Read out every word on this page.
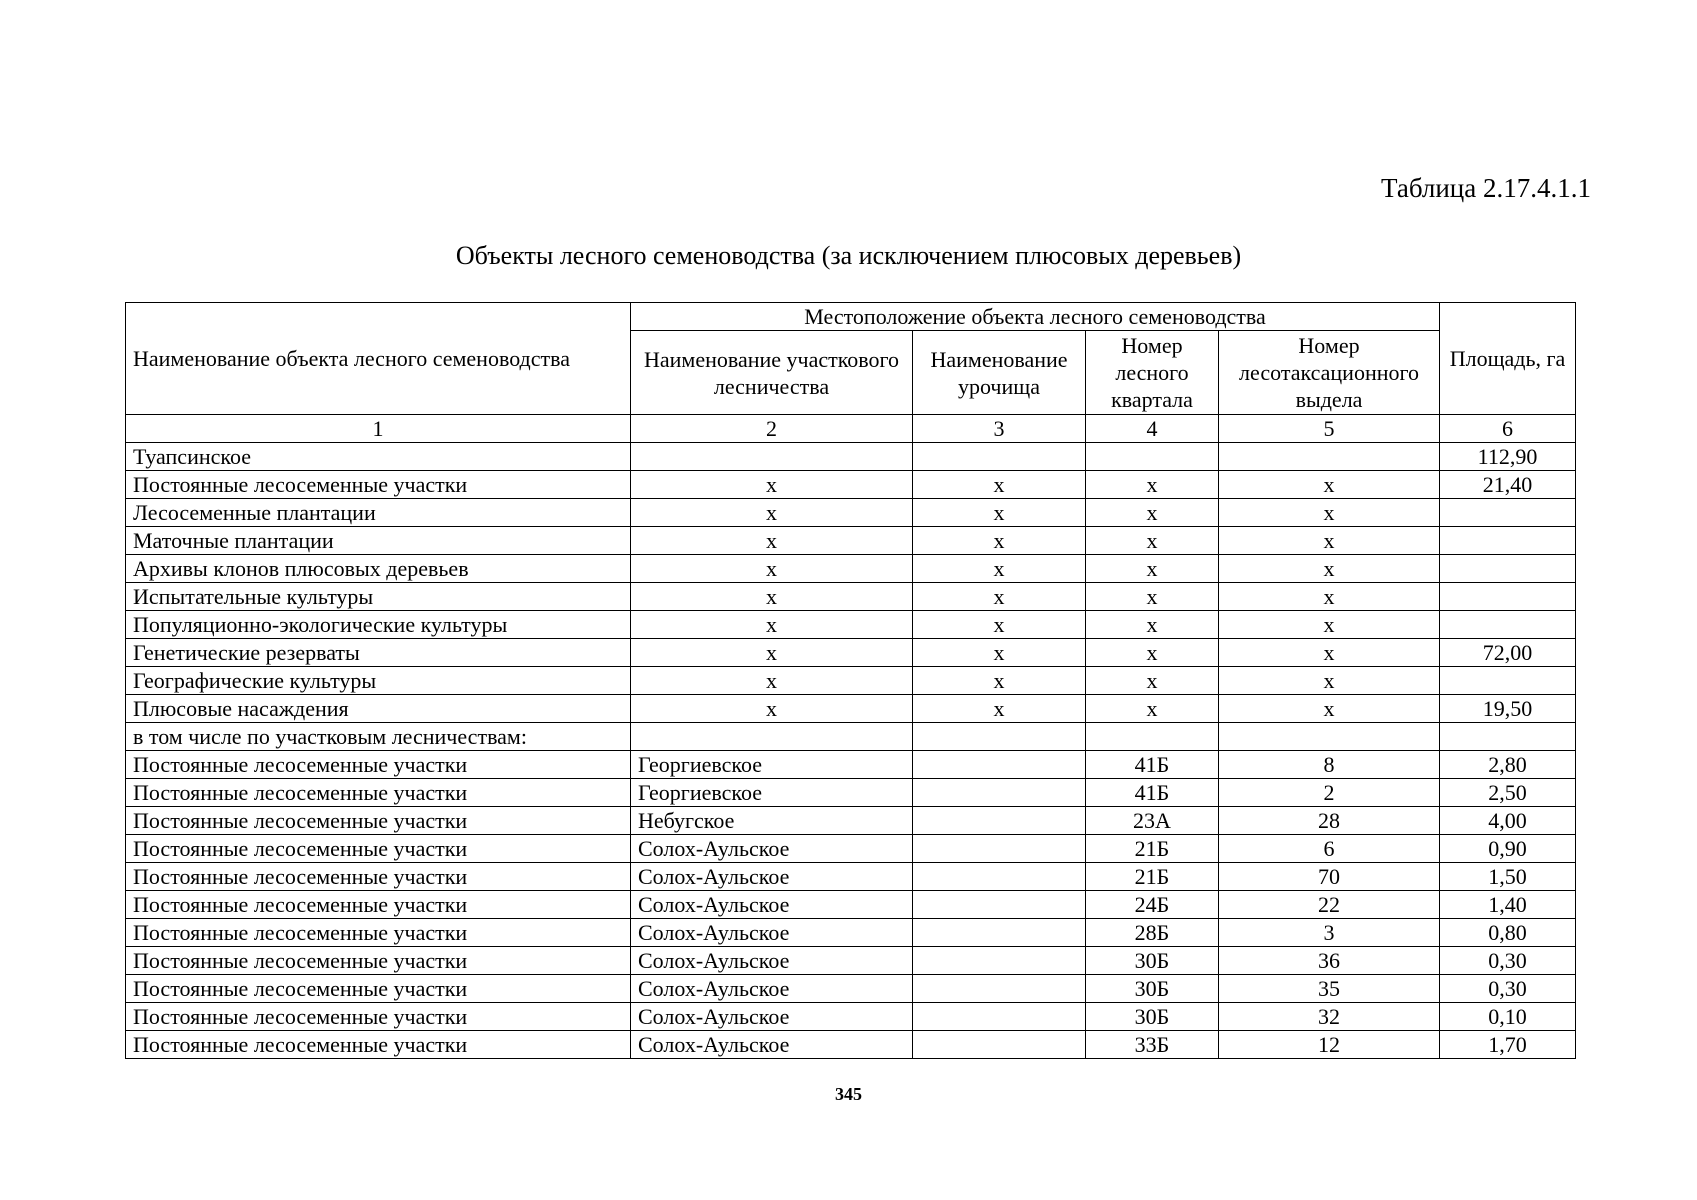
Таблица 2.17.4.1.1
Объекты лесного семеноводства (за исключением плюсовых деревьев)
Наименование объекта лесного семеноводства	Местоположение объекта лесного семеноводства				Площадь, га
	Наименование участкового лесничества	Наименование урочища	Номер лесного квартала	Номер лесотаксационного выдела	
1	2	3	4	5	6
Туапсинское					112,90
Постоянные лесосеменные участки	х	х	х	х	21,40
Лесосеменные плантации	х	х	х	х	
Маточные плантации	х	х	х	х	
Архивы клонов плюсовых деревьев	х	х	х	х	
Испытательные культуры	х	х	х	х	
Популяционно-экологические культуры	х	х	х	х	
Генетические резерваты	х	х	х	х	72,00
Географические культуры	х	х	х	х	
Плюсовые насаждения	х	х	х	х	19,50
в том числе по участковым лесничествам:					
Постоянные лесосеменные участки	Георгиевское		41Б	8	2,80
Постоянные лесосеменные участки	Георгиевское		41Б	2	2,50
Постоянные лесосеменные участки	Небугское		23А	28	4,00
Постоянные лесосеменные участки	Солох-Аульское		21Б	6	0,90
Постоянные лесосеменные участки	Солох-Аульское		21Б	70	1,50
Постоянные лесосеменные участки	Солох-Аульское		24Б	22	1,40
Постоянные лесосеменные участки	Солох-Аульское		28Б	3	0,80
Постоянные лесосеменные участки	Солох-Аульское		30Б	36	0,30
Постоянные лесосеменные участки	Солох-Аульское		30Б	35	0,30
Постоянные лесосеменные участки	Солох-Аульское		30Б	32	0,10
Постоянные лесосеменные участки	Солох-Аульское		33Б	12	1,70
345
